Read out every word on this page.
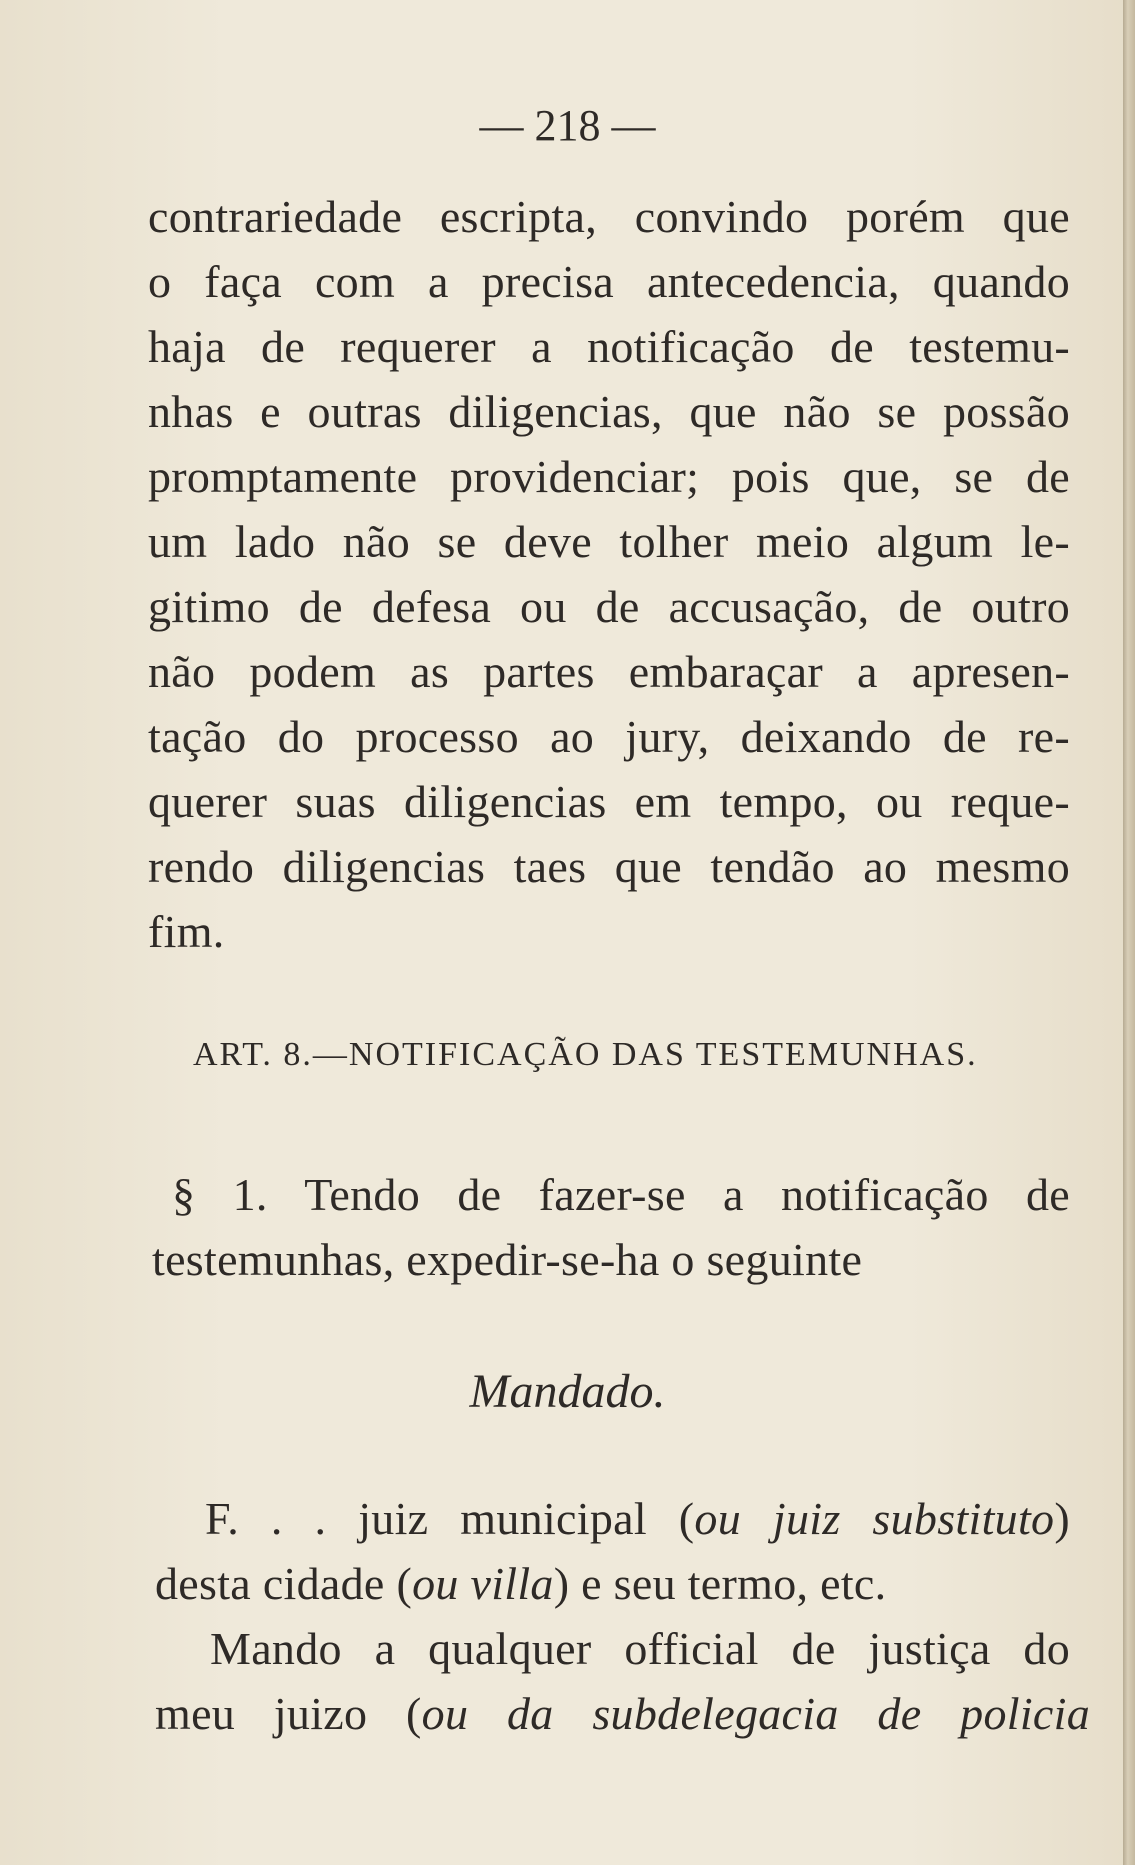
— 218 —
contrariedade escripta, convindo porém que
o faça com a precisa antecedencia, quando
haja de requerer a notificação de testemu-
nhas e outras diligencias, que não se possão
promptamente providenciar; pois que, se de
um lado não se deve tolher meio algum le-
gitimo de defesa ou de accusação, de outro
não podem as partes embaraçar a apresen-
tação do processo ao jury, deixando de re-
querer suas diligencias em tempo, ou reque-
rendo diligencias taes que tendão ao mesmo
fim.
ART. 8.—NOTIFICAÇÃO DAS TESTEMUNHAS.
§ 1. Tendo de fazer-se a notificação de
testemunhas, expedir-se-ha o seguinte
Mandado.
F. . . juiz municipal (ou juiz substituto)
desta cidade (ou villa) e seu termo, etc.
Mando a qualquer official de justiça do
meu juizo (ou da subdelegacia de policia
